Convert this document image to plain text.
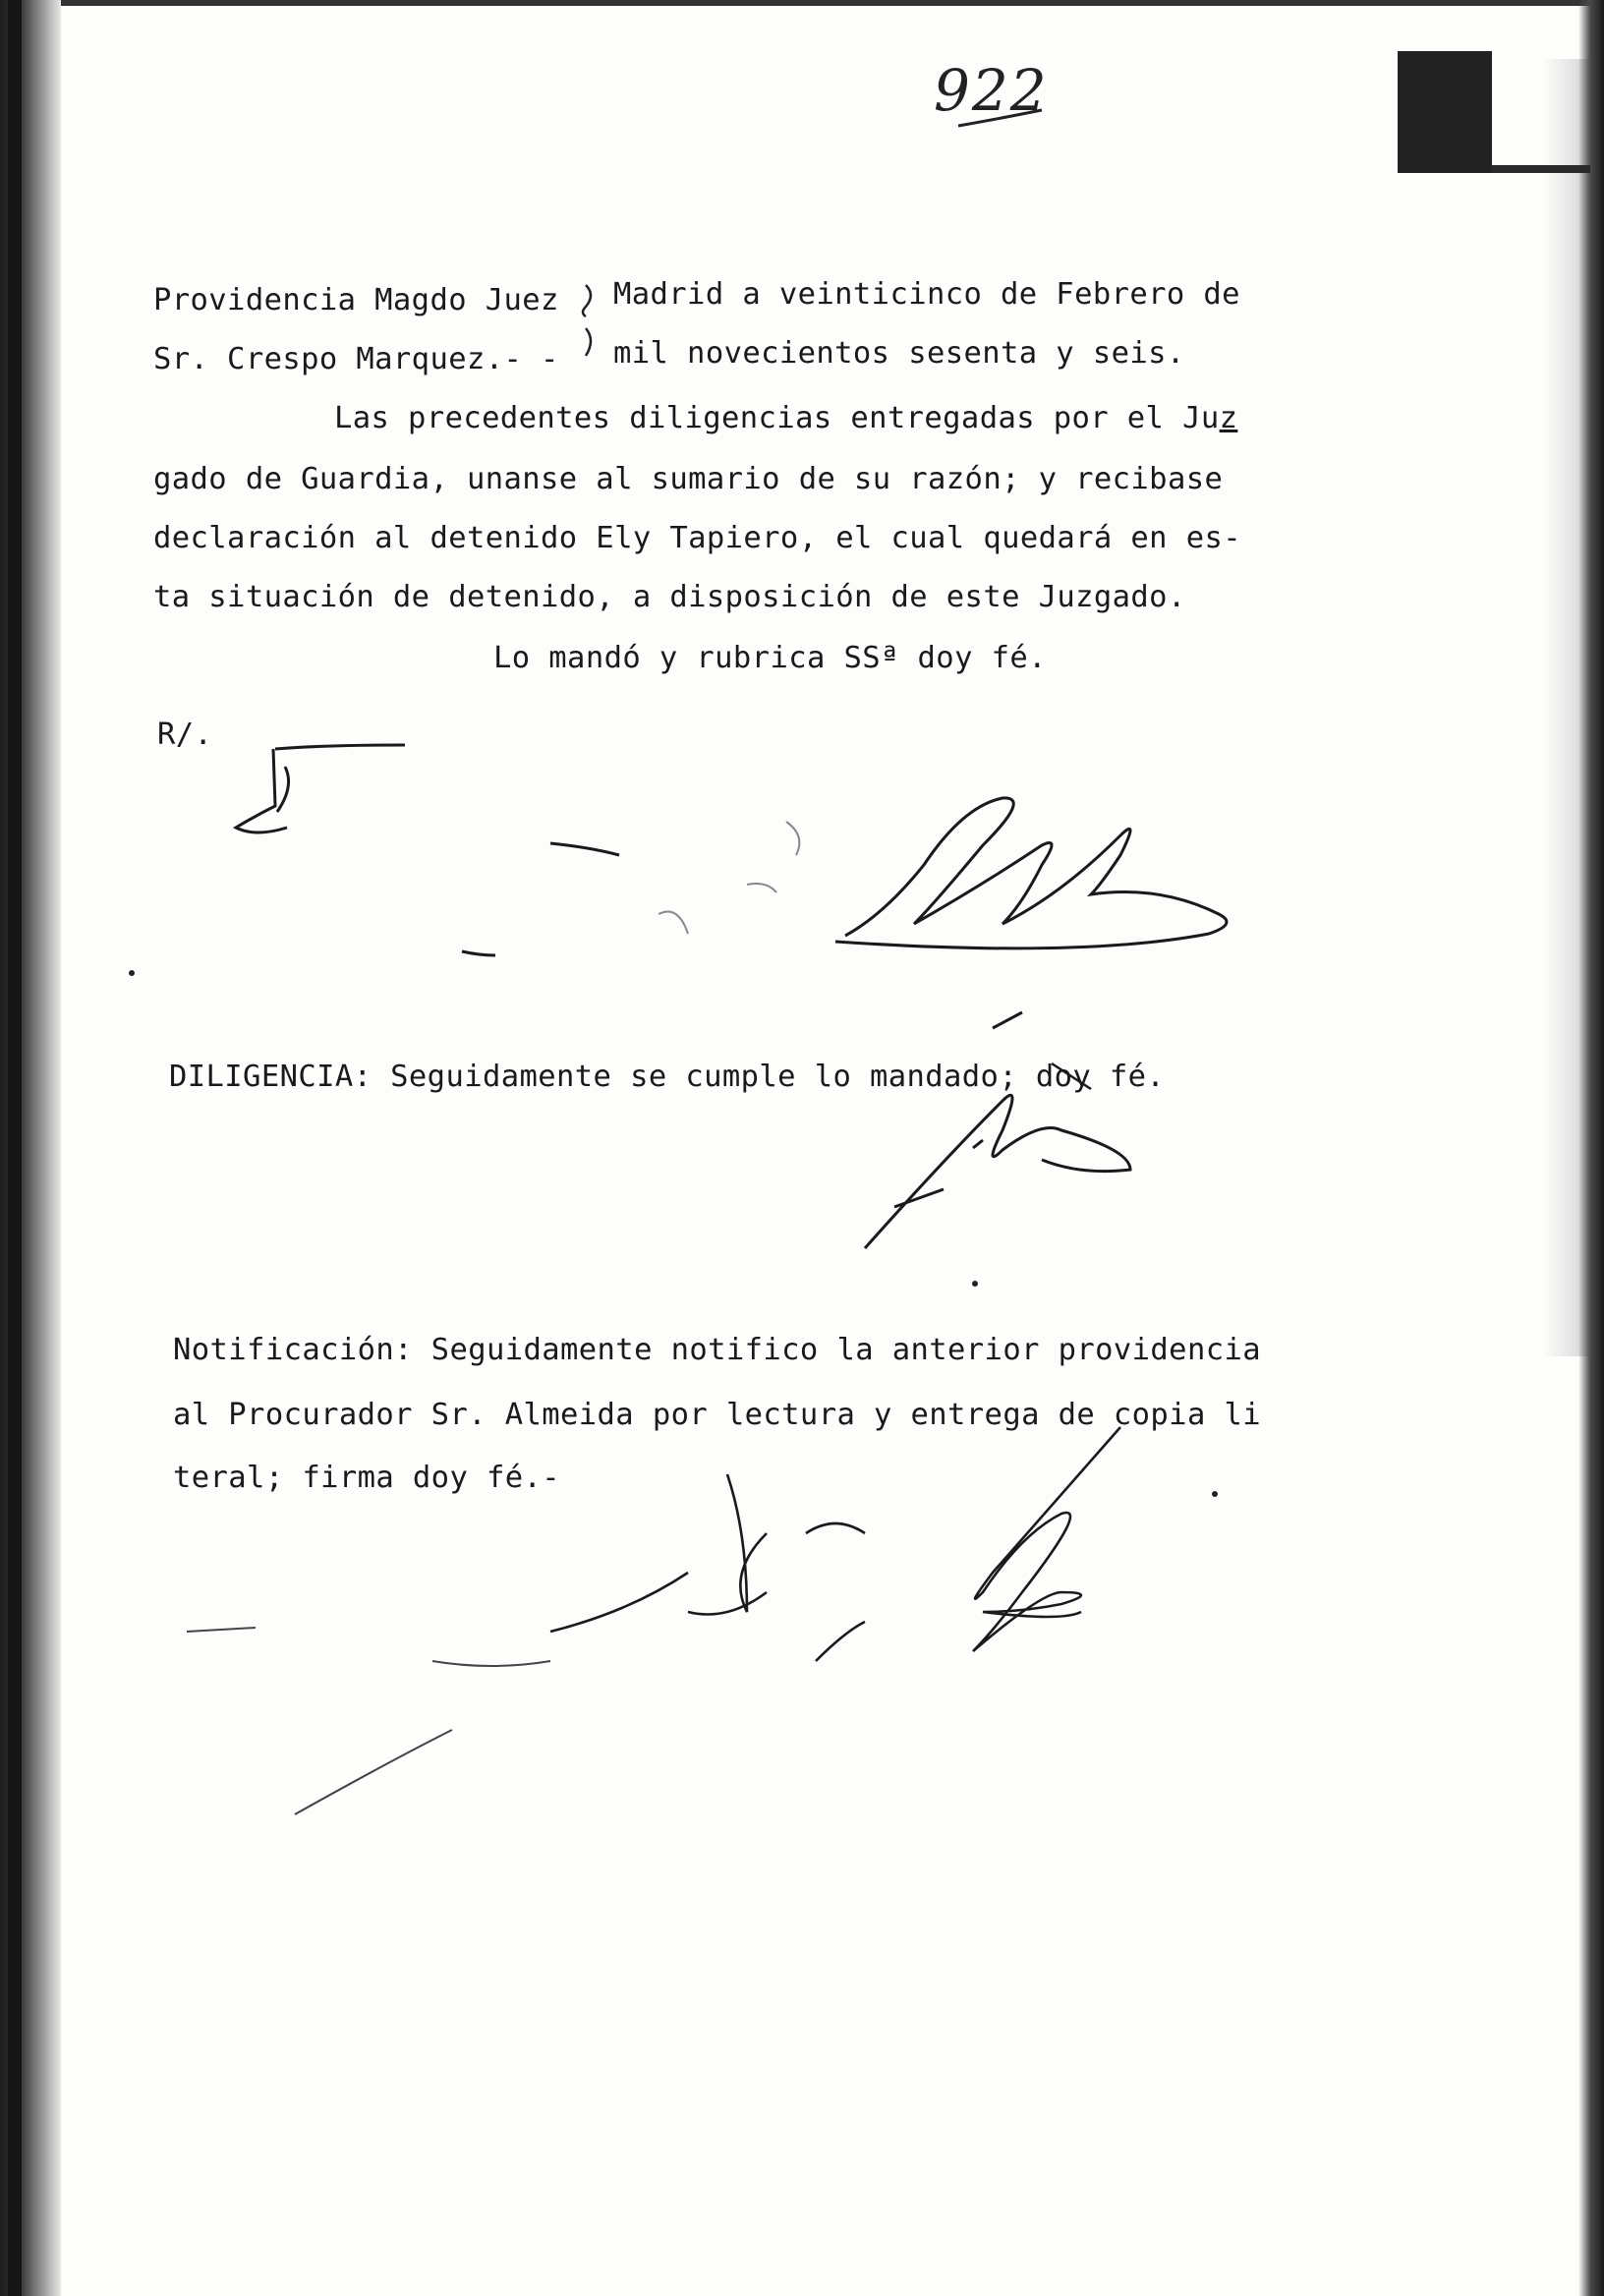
922

Providencia Magdo Juez

Sr. Crespo Marquez.- -

Madrid a veinticinco de Febrero de

mil novecientos sesenta y seis.

Las precedentes diligencias entregadas por el Juz

gado de Guardia, unanse al sumario de su razón; y recibase

declaración al detenido Ely Tapiero, el cual quedará en es-

ta situación de detenido, a disposición de este Juzgado.

Lo mandó y rubrica SSª doy fé.

R/.

DILIGENCIA: Seguidamente se cumple lo mandado; doy fé.

Notificación: Seguidamente notifico la anterior providencia

al Procurador Sr. Almeida por lectura y entrega de copia li

teral; firma doy fé.-
